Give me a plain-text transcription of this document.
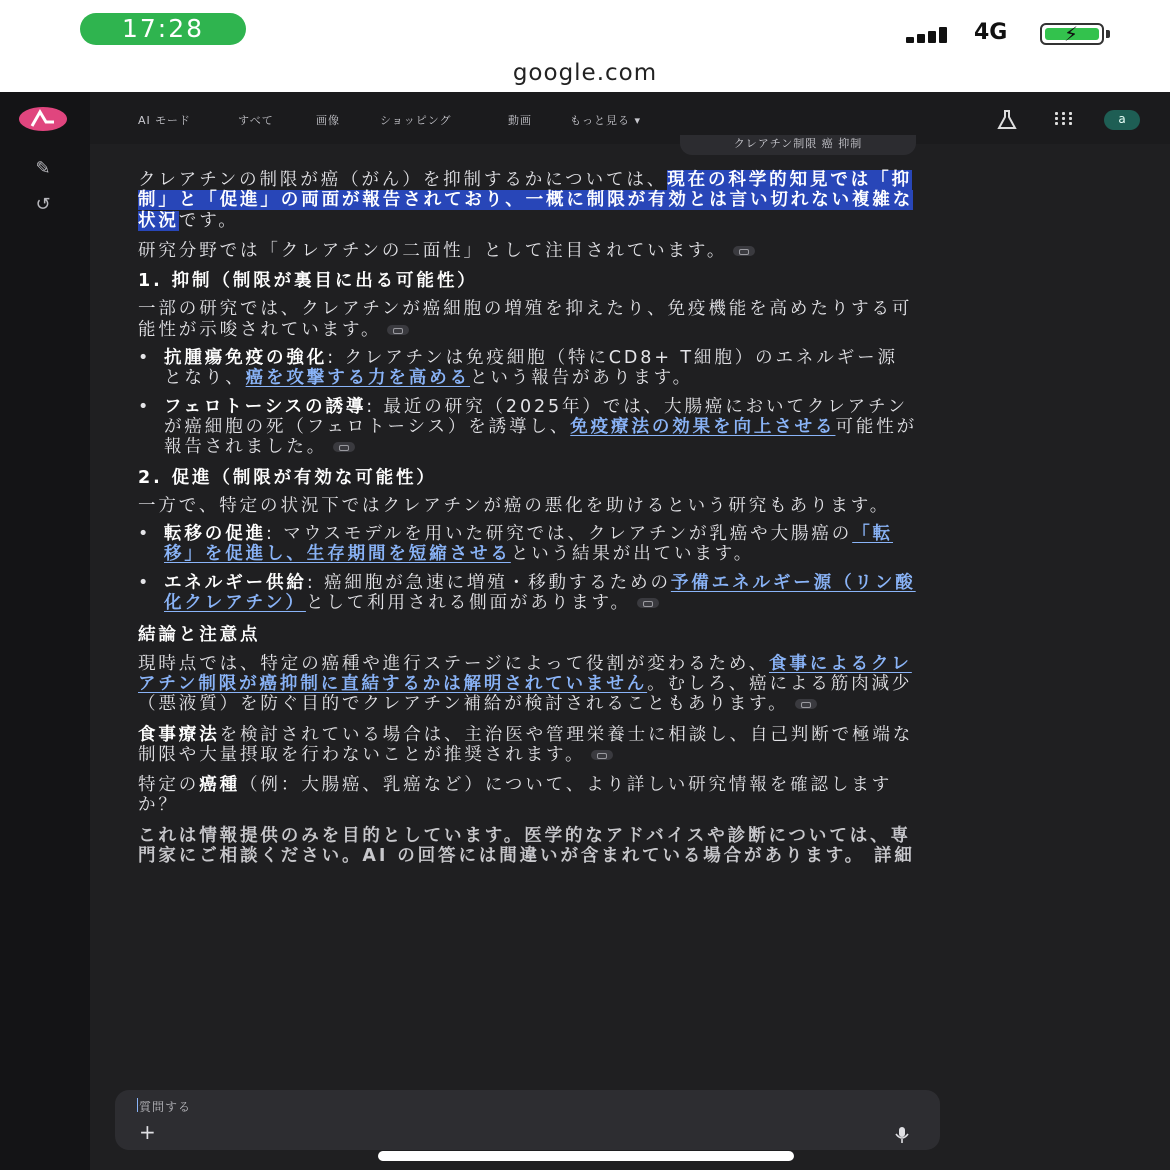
17:28	4G	⚡
google.com
✎
↺
AI モード	すべて	画像	ショッピング	動画	もっと見る ▾	a
クレアチン制限 癌 抑制

クレアチンの制限が癌（がん）を抑制するかについては、現在の科学的知見では「抑制」と「促進」の両面が報告されており、一概に制限が有効とは言い切れない複雑な状況です。

研究分野では「クレアチンの二面性」として注目されています。

1. 抑制（制限が裏目に出る可能性）

一部の研究では、クレアチンが癌細胞の増殖を抑えたり、免疫機能を高めたりする可能性が示唆されています。

• 抗腫瘍免疫の強化: クレアチンは免疫細胞（特にCD8+ T細胞）のエネルギー源となり、癌を攻撃する力を高めるという報告があります。
• フェロトーシスの誘導: 最近の研究（2025年）では、大腸癌においてクレアチンが癌細胞の死（フェロトーシス）を誘導し、免疫療法の効果を向上させる可能性が報告されました。

2. 促進（制限が有効な可能性）

一方で、特定の状況下ではクレアチンが癌の悪化を助けるという研究もあります。

• 転移の促進: マウスモデルを用いた研究では、クレアチンが乳癌や大腸癌の「転移」を促進し、生存期間を短縮させるという結果が出ています。
• エネルギー供給: 癌細胞が急速に増殖・移動するための予備エネルギー源（リン酸化クレアチン）として利用される側面があります。

結論と注意点

現時点では、特定の癌種や進行ステージによって役割が変わるため、食事によるクレアチン制限が癌抑制に直結するかは解明されていません。むしろ、癌による筋肉減少（悪液質）を防ぐ目的でクレアチン補給が検討されることもあります。

食事療法を検討されている場合は、主治医や管理栄養士に相談し、自己判断で極端な制限や大量摂取を行わないことが推奨されます。

特定の癌種（例：大腸癌、乳癌など）について、より詳しい研究情報を確認しますか？

これは情報提供のみを目的としています。医学的なアドバイスや診断については、専門家にご相談ください。AI の回答には間違いが含まれている場合があります。 詳細

質問する
+
